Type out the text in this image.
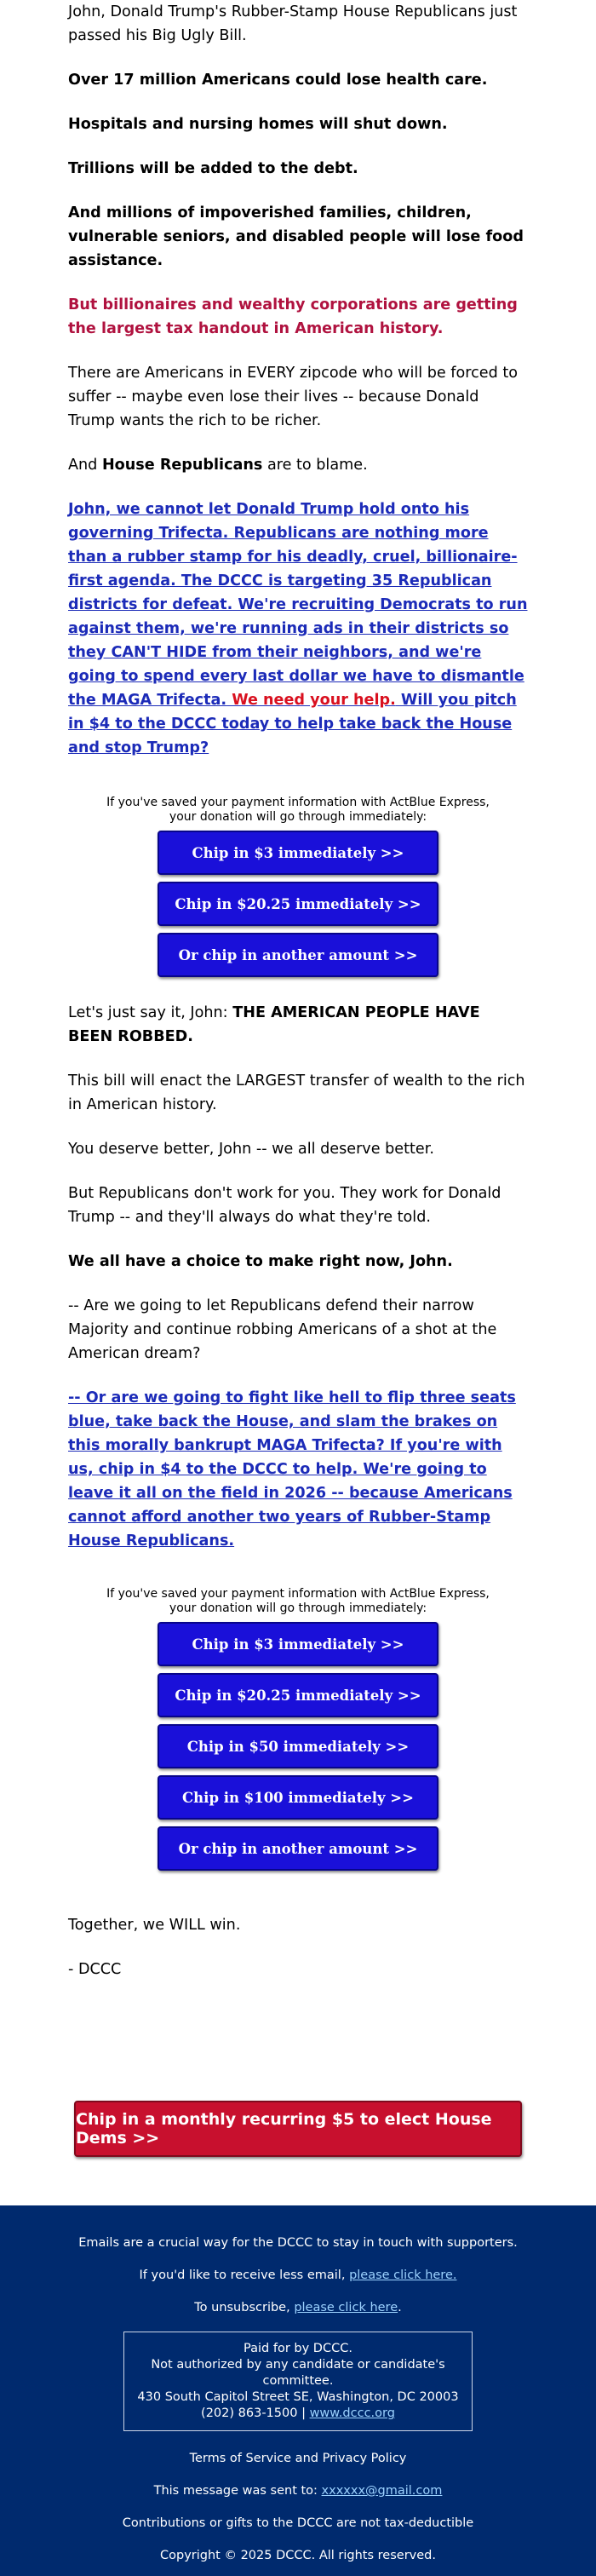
John, Donald Trump's Rubber-Stamp House Republicans just passed his Big Ugly Bill.

Over 17 million Americans could lose health care.

Hospitals and nursing homes will shut down.

Trillions will be added to the debt.

And millions of impoverished families, children, vulnerable seniors, and disabled people will lose food assistance.

But billionaires and wealthy corporations are getting the largest tax handout in American history.

There are Americans in EVERY zipcode who will be forced to suffer -- maybe even lose their lives -- because Donald Trump wants the rich to be richer.

And House Republicans are to blame.

John, we cannot let Donald Trump hold onto his governing Trifecta. Republicans are nothing more than a rubber stamp for his deadly, cruel, billionaire-first agenda. The DCCC is targeting 35 Republican districts for defeat. We're recruiting Democrats to run against them, we're running ads in their districts so they CAN'T HIDE from their neighbors, and we're going to spend every last dollar we have to dismantle the MAGA Trifecta. We need your help. Will you pitch in $4 to the DCCC today to help take back the House and stop Trump?

If you've saved your payment information with ActBlue Express,
your donation will go through immediately:
Chip in $3 immediately >>
Chip in $20.25 immediately >>
Or chip in another amount >>

Let's just say it, John: THE AMERICAN PEOPLE HAVE BEEN ROBBED.

This bill will enact the LARGEST transfer of wealth to the rich in American history.

You deserve better, John -- we all deserve better.

But Republicans don't work for you. They work for Donald Trump -- and they'll always do what they're told.

We all have a choice to make right now, John.

-- Are we going to let Republicans defend their narrow Majority and continue robbing Americans of a shot at the American dream?

-- Or are we going to fight like hell to flip three seats blue, take back the House, and slam the brakes on this morally bankrupt MAGA Trifecta? If you're with us, chip in $4 to the DCCC to help. We're going to leave it all on the field in 2026 -- because Americans cannot afford another two years of Rubber-Stamp House Republicans.

If you've saved your payment information with ActBlue Express,
your donation will go through immediately:
Chip in $3 immediately >>
Chip in $20.25 immediately >>
Chip in $50 immediately >>
Chip in $100 immediately >>
Or chip in another amount >>

Together, we WILL win.

- DCCC

Chip in a monthly recurring $5 to elect House Dems >>
Emails are a crucial way for the DCCC to stay in touch with supporters.
If you'd like to receive less email, please click here.
To unsubscribe, please click here.
Paid for by DCCC.
Not authorized by any candidate or candidate's committee.
430 South Capitol Street SE, Washington, DC 20003
(202) 863-1500 | www.dccc.org
Terms of Service and Privacy Policy
This message was sent to: xxxxxx@gmail.com
Contributions or gifts to the DCCC are not tax-deductible
Copyright © 2025 DCCC. All rights reserved.
